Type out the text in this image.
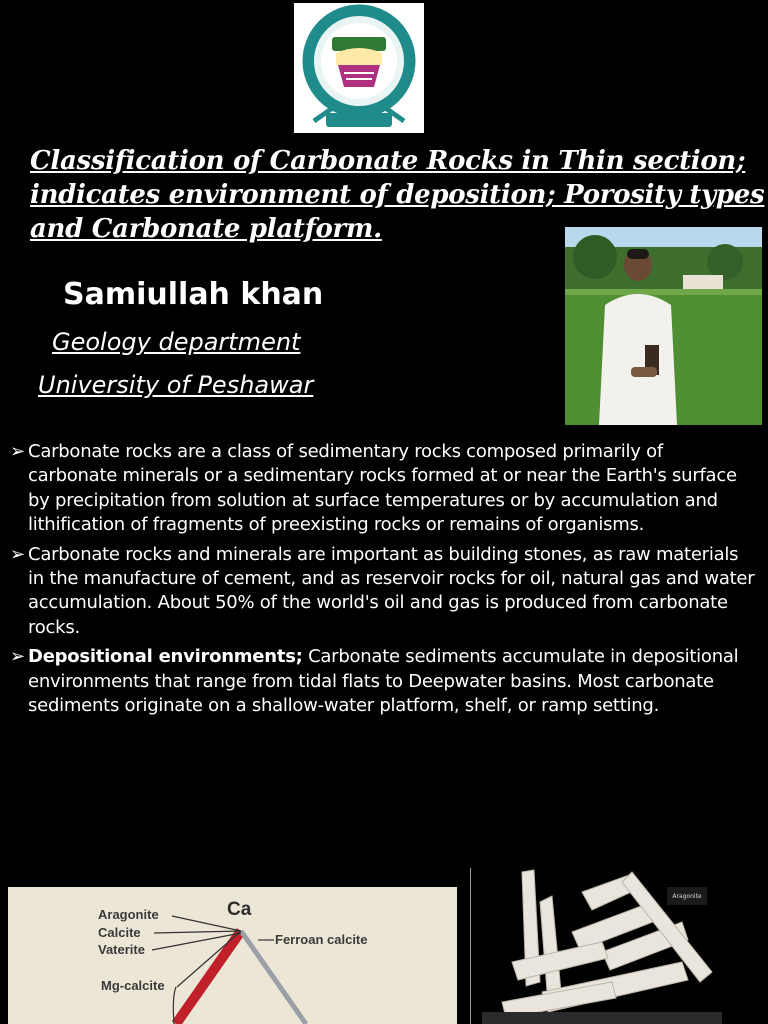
Classification of Carbonate Rocks in Thin section; indicates environment of deposition; Porosity types and Carbonate platform.
Samiullah khan
Geology department
University of Peshawar
➢ Carbonate rocks are a class of sedimentary rocks composed primarily of carbonate minerals or a sedimentary rocks formed at or near the Earth's surface by precipitation from solution at surface temperatures or by accumulation and lithification of fragments of preexisting rocks or remains of organisms.
➢ Carbonate rocks and minerals are important as building stones, as raw materials in the manufacture of cement, and as reservoir rocks for oil, natural gas and water accumulation. About 50% of the world's oil and gas is produced from carbonate rocks.
➢ Depositional environments; Carbonate sediments accumulate in depositional environments that range from tidal flats to Deepwater basins. Most carbonate sediments originate on a shallow-water platform, shelf, or ramp setting.
Ca
Aragonite
Calcite
Vaterite
Ferroan calcite
Mg-calcite
Aragonite
